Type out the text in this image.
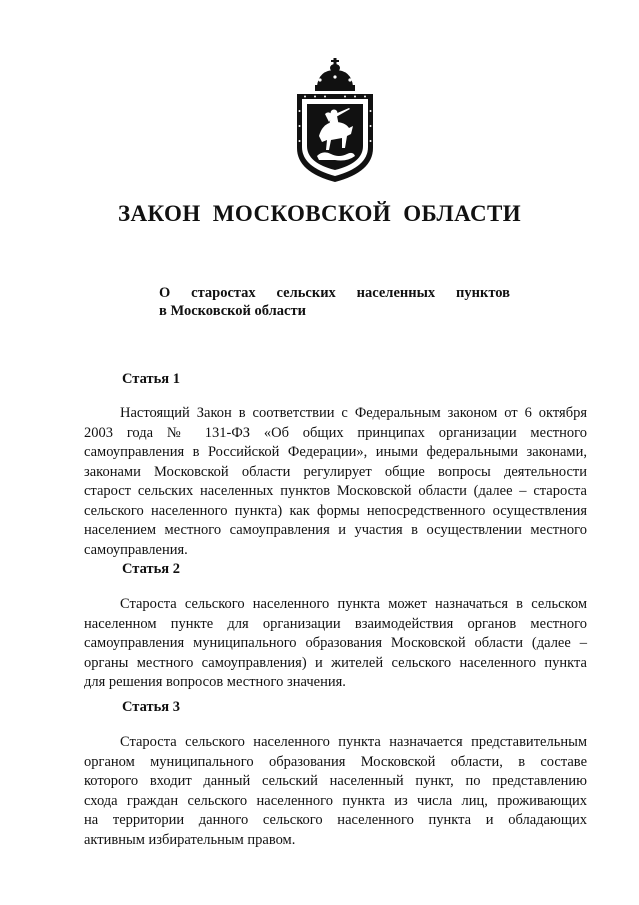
ЗАКОН МОСКОВСКОЙ ОБЛАСТИ
О старостах сельских населенных пунктов
в Московской области
Статья 1
Настоящий Закон в соответствии с Федеральным законом от 6 октября
2003 года № 131-ФЗ «Об общих принципах организации местного
самоуправления в Российской Федерации», иными федеральными законами,
законами Московской области регулирует общие вопросы деятельности
старост сельских населенных пунктов Московской области (далее – староста
сельского населенного пункта) как формы непосредственного осуществления
населением местного самоуправления и участия в осуществлении местного
самоуправления.
Статья 2
Староста сельского населенного пункта может назначаться в сельском
населенном пункте для организации взаимодействия органов местного
самоуправления муниципального образования Московской области (далее –
органы местного самоуправления) и жителей сельского населенного пункта
для решения вопросов местного значения.
Статья 3
Староста сельского населенного пункта назначается представительным
органом муниципального образования Московской области, в составе
которого входит данный сельский населенный пункт, по представлению
схода граждан сельского населенного пункта из числа лиц, проживающих
на территории данного сельского населенного пункта и обладающих
активным избирательным правом.
